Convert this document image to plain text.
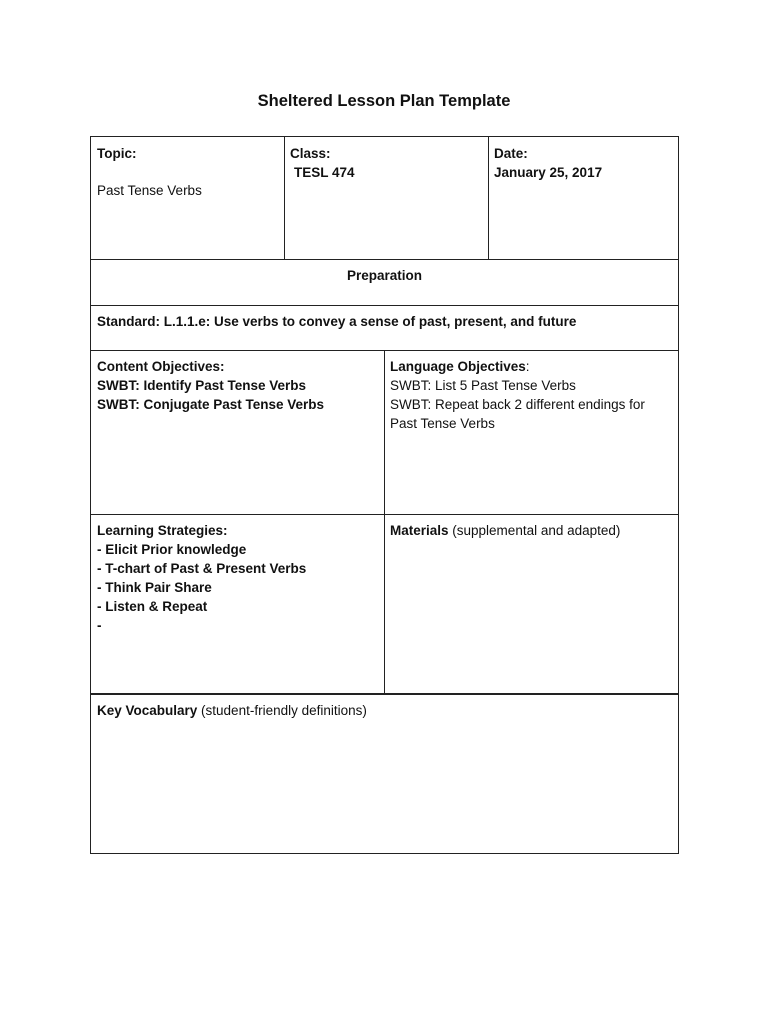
Sheltered Lesson Plan Template
Topic:
Past Tense Verbs
Class:
TESL 474
Date:
January 25, 2017
Preparation
Standard: L.1.1.e: Use verbs to convey a sense of past, present, and future
Content Objectives:
SWBT: Identify Past Tense Verbs
SWBT: Conjugate Past Tense Verbs
Language Objectives:
SWBT: List 5 Past Tense Verbs
SWBT: Repeat back 2 different endings for Past Tense Verbs
Learning Strategies:
- Elicit Prior knowledge
- T-chart of Past & Present Verbs
- Think Pair Share
- Listen & Repeat
-
Materials (supplemental and adapted)
Key Vocabulary (student-friendly definitions)
